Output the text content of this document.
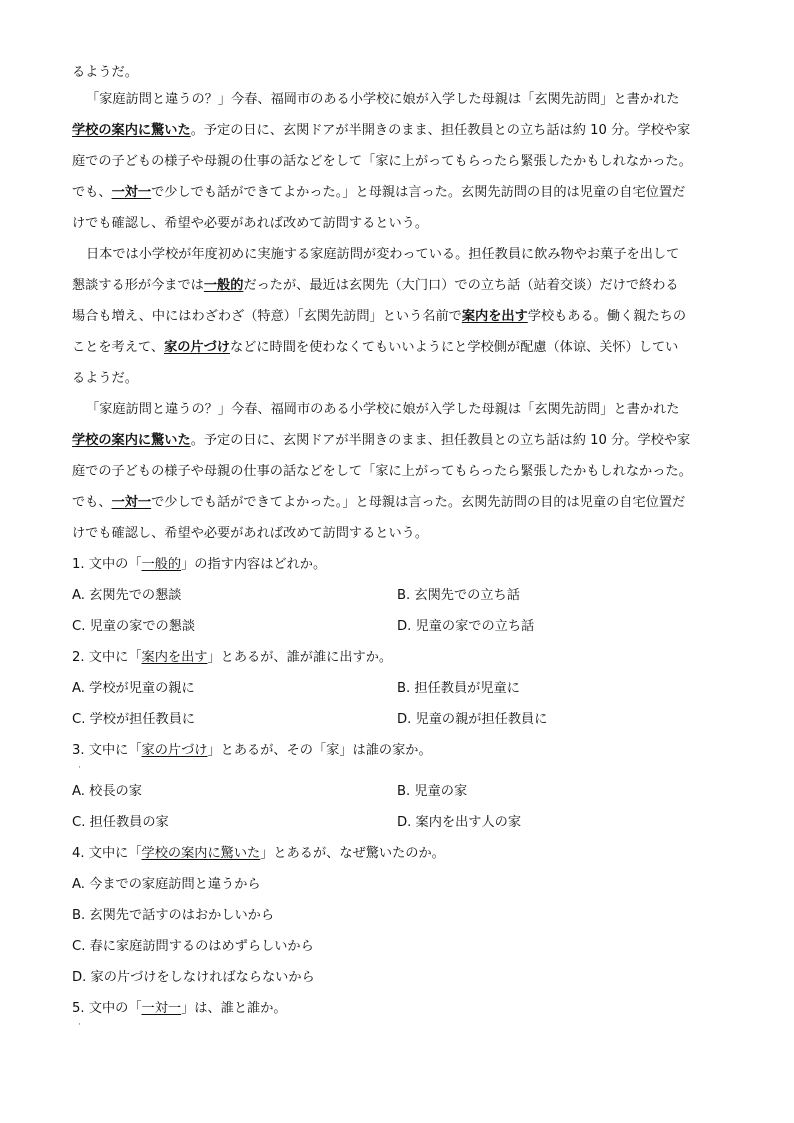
るようだ。
「家庭訪問と違うの？」今春、福岡市のある小学校に娘が入学した母親は「玄関先訪問」と書かれた
学校の案内に驚いた。予定の日に、玄関ドアが半開きのまま、担任教員との立ち話は約 10 分。学校や家
庭での子どもの様子や母親の仕事の話などをして「家に上がってもらったら緊張したかもしれなかった。
でも、一対一で少しでも話ができてよかった。」と母親は言った。玄関先訪問の目的は児童の自宅位置だ
けでも確認し、希望や必要があれば改めて訪問するという。
日本では小学校が年度初めに実施する家庭訪問が変わっている。担任教員に飲み物やお菓子を出して
懇談する形が今までは一般的だったが、最近は玄関先（大门口）での立ち話（站着交谈）だけで終わる
場合も増え、中にはわざわざ（特意）「玄関先訪問」という名前で案内を出す学校もある。働く親たちの
ことを考えて、家の片づけなどに時間を使わなくてもいいようにと学校側が配慮（体谅、关怀）してい
るようだ。
「家庭訪問と違うの？」今春、福岡市のある小学校に娘が入学した母親は「玄関先訪問」と書かれた
学校の案内に驚いた。予定の日に、玄関ドアが半開きのまま、担任教員との立ち話は約 10 分。学校や家
庭での子どもの様子や母親の仕事の話などをして「家に上がってもらったら緊張したかもしれなかった。
でも、一対一で少しでも話ができてよかった。」と母親は言った。玄関先訪問の目的は児童の自宅位置だ
けでも確認し、希望や必要があれば改めて訪問するという。
1. 文中の「一般的」の指す内容はどれか。
A. 玄関先での懇談	B. 玄関先での立ち話
C. 児童の家での懇談	D. 児童の家での立ち話
2. 文中に「案内を出す」とあるが、誰が誰に出すか。
A. 学校が児童の親に	B. 担任教員が児童に
C. 学校が担任教員に	D. 児童の親が担任教員に
3. 文中に「家の片づけ」とあるが、その「家」は誰の家か。
·
A. 校長の家	B. 児童の家
C. 担任教員の家	D. 案内を出す人の家
4. 文中に「学校の案内に驚いた」とあるが、なぜ驚いたのか。
A. 今までの家庭訪問と違うから
B. 玄関先で話すのはおかしいから
C. 春に家庭訪問するのはめずらしいから
D. 家の片づけをしなければならないから
5. 文中の「一対一」は、誰と誰か。
·
